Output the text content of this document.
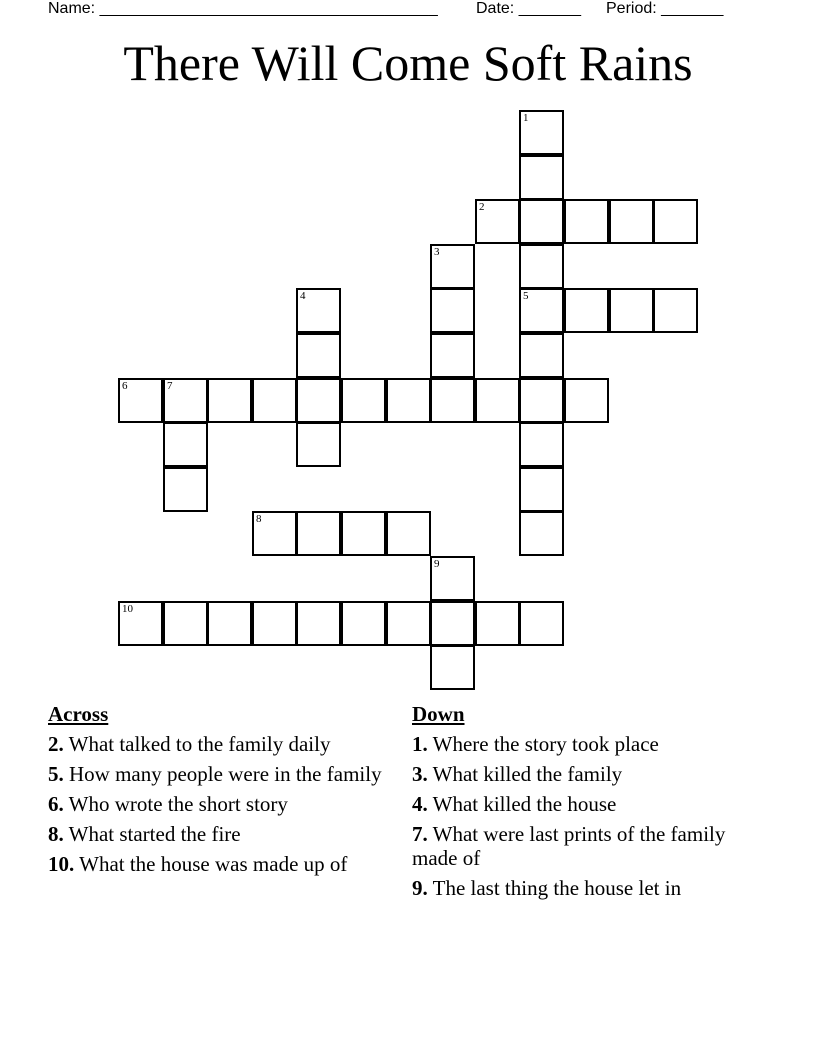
Name: ______________________________________

Date: _______

Period: _______

There Will Come Soft Rains
2
5
6	7
8
10
1
3
4
9
Across
2. What talked to the family daily
5. How many people were in the family
6. Who wrote the short story
8. What started the fire
10. What the house was made up of
Down
1. Where the story took place
3. What killed the family
4. What killed the house
7. What were last prints of the family made of
9. The last thing the house let in
